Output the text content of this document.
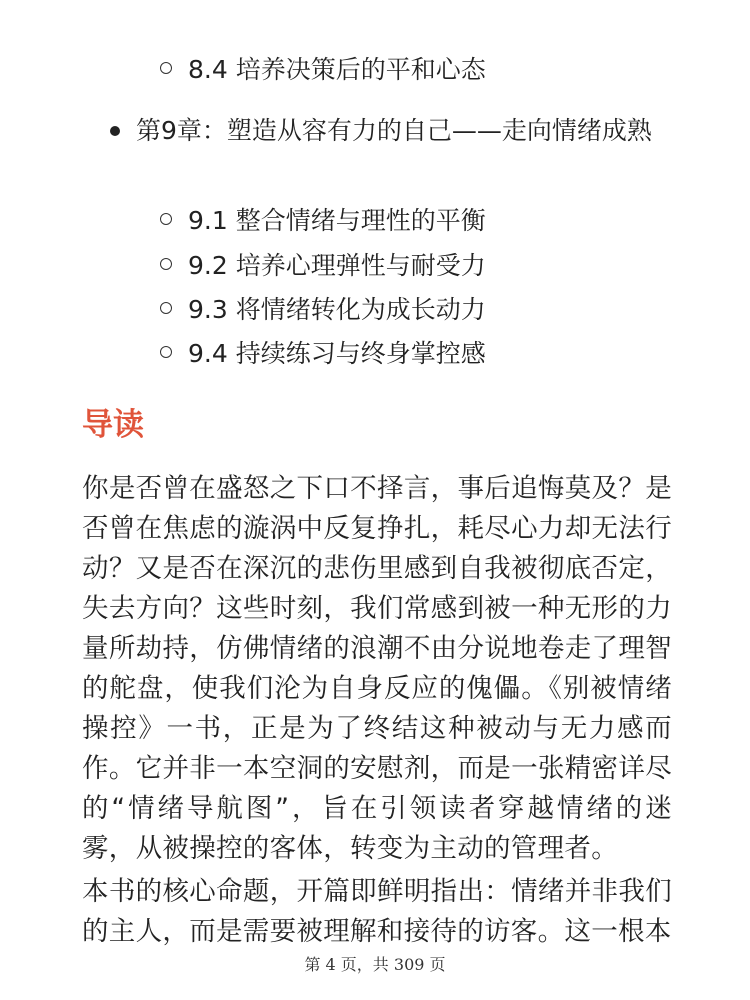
8.4 培养决策后的平和心态
第9章：塑造从容有力的自己——走向情绪成熟
9.1 整合情绪与理性的平衡
9.2 培养心理弹性与耐受力
9.3 将情绪转化为成长动力
9.4 持续练习与终身掌控感
导读
你是否曾在盛怒之下口不择言，事后追悔莫及？是否曾在焦虑的漩涡中反复挣扎，耗尽心力却无法行动？又是否在深沉的悲伤里感到自我被彻底否定，失去方向？这些时刻，我们常感到被一种无形的力量所劫持，仿佛情绪的浪潮不由分说地卷走了理智的舵盘，使我们沦为自身反应的傀儡。《别被情绪操控》一书，正是为了终结这种被动与无力感而作。它并非一本空洞的安慰剂，而是一张精密详尽的“情绪导航图”，旨在引领读者穿越情绪的迷雾，从被操控的客体，转变为主动的管理者。
本书的核心命题，开篇即鲜明指出：情绪并非我们的主人，而是需要被理解和接待的访客。这一根本
第 4 页，共 309 页
